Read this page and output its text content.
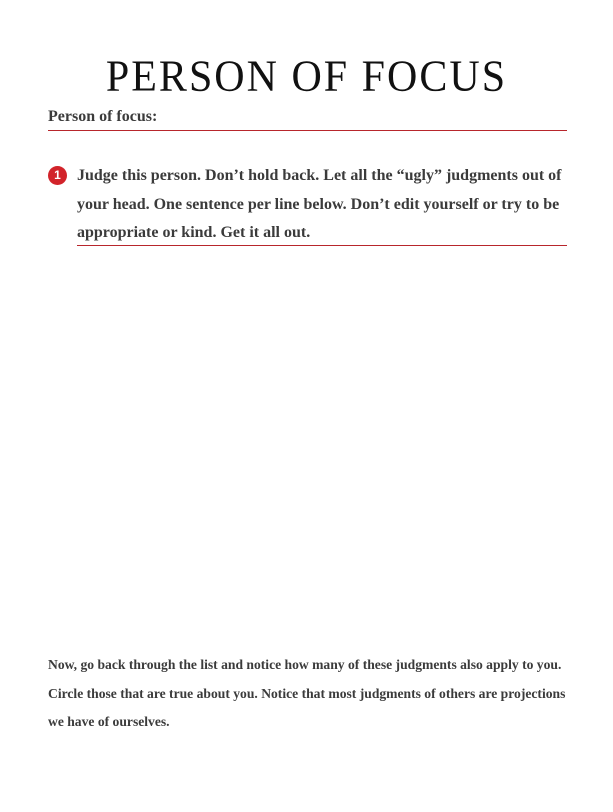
PERSON OF FOCUS
Person of focus:
1	Judge this person. Don’t hold back. Let all the “ugly” judgments out of your head. One sentence per line below. Don’t edit yourself or try to be appropriate or kind. Get it all out.

Now, go back through the list and notice how many of these judgments also apply to you. Circle those that are true about you. Notice that most judgments of others are projections we have of ourselves.
